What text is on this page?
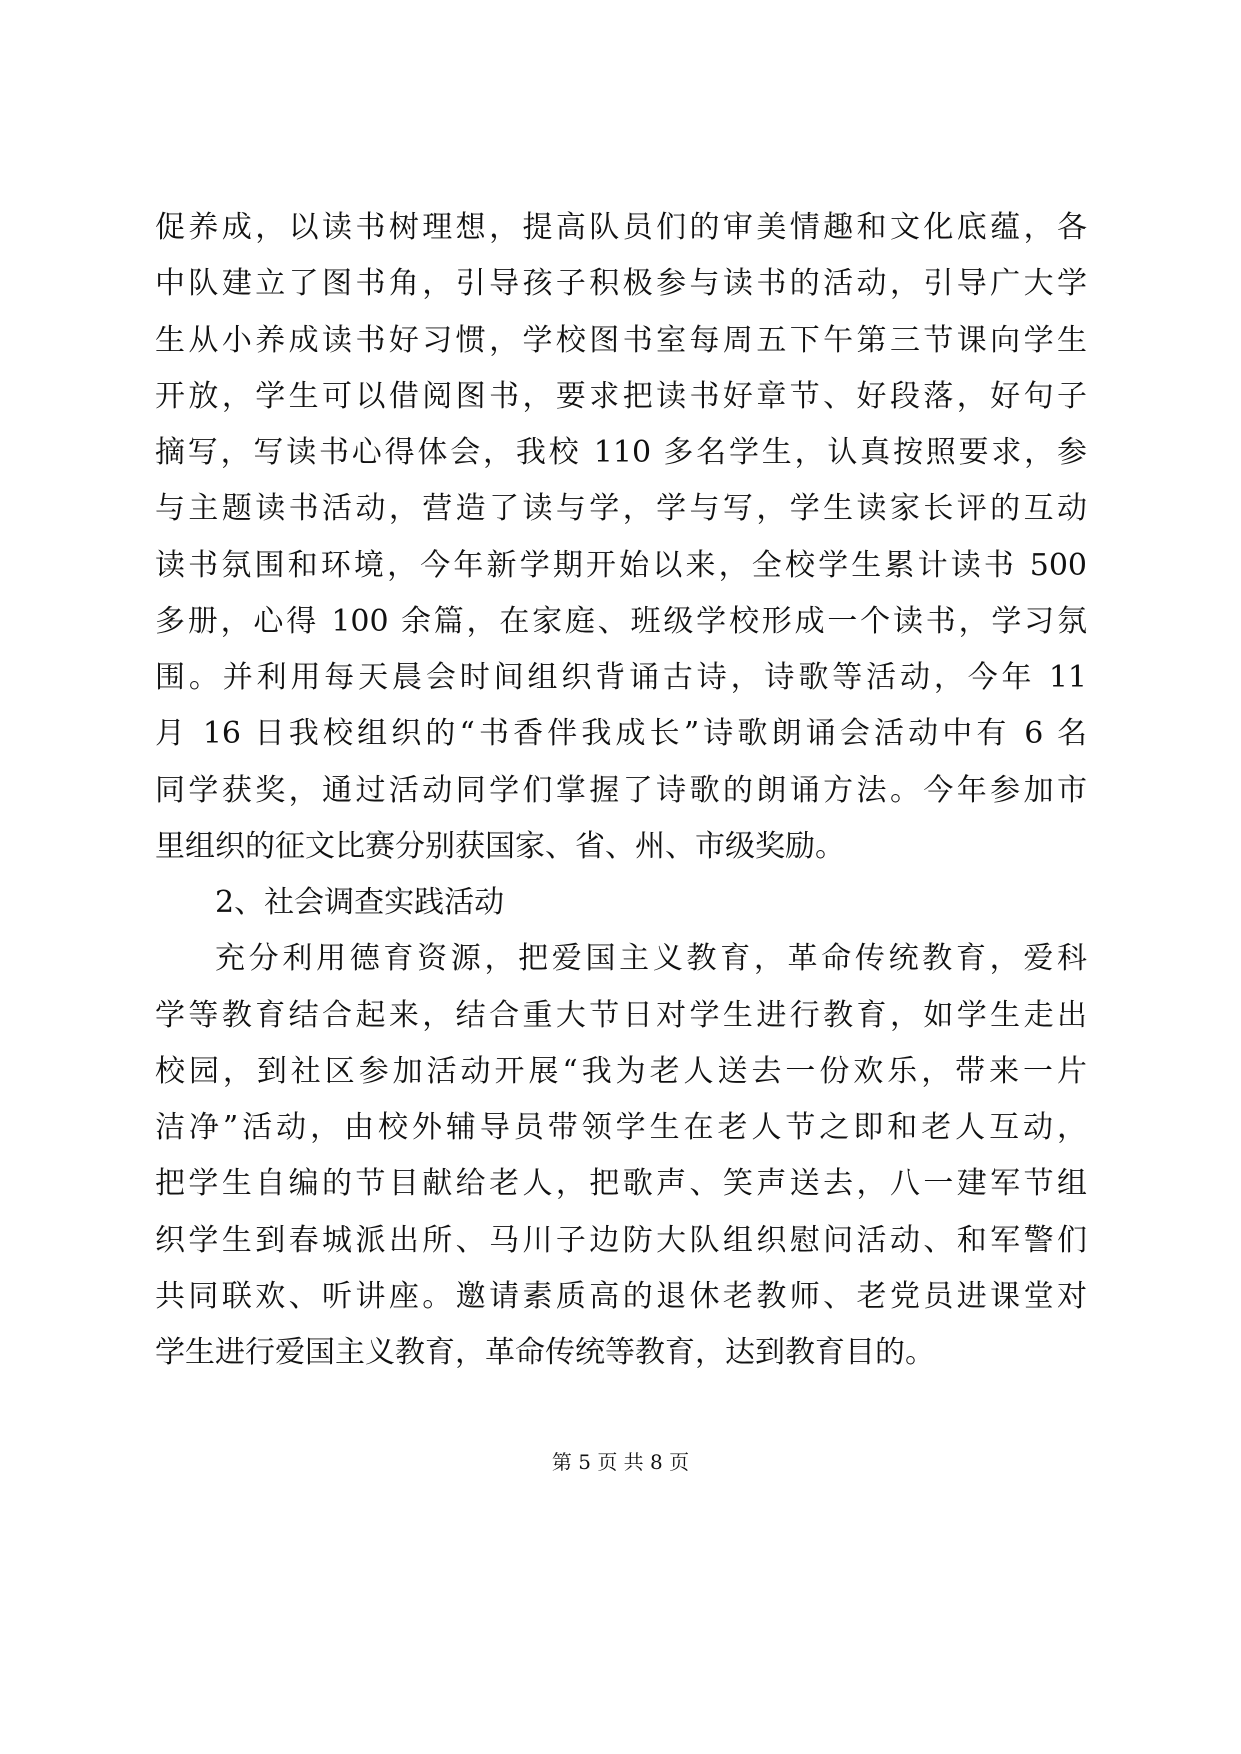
促养成，以读书树理想，提高队员们的审美情趣和文化底蕴，各
中队建立了图书角，引导孩子积极参与读书的活动，引导广大学
生从小养成读书好习惯，学校图书室每周五下午第三节课向学生
开放，学生可以借阅图书，要求把读书好章节、好段落，好句子
摘写，写读书心得体会，我校 110 多名学生，认真按照要求，参
与主题读书活动，营造了读与学，学与写，学生读家长评的互动
读书氛围和环境，今年新学期开始以来，全校学生累计读书 500
多册，心得 100 余篇，在家庭、班级学校形成一个读书，学习氛
围。并利用每天晨会时间组织背诵古诗，诗歌等活动，今年 11
月 16 日我校组织的“书香伴我成长”诗歌朗诵会活动中有 6 名
同学获奖，通过活动同学们掌握了诗歌的朗诵方法。今年参加市
里组织的征文比赛分别获国家、省、州、市级奖励。
2、社会调查实践活动
充分利用德育资源，把爱国主义教育，革命传统教育，爱科
学等教育结合起来，结合重大节日对学生进行教育，如学生走出
校园，到社区参加活动开展“我为老人送去一份欢乐，带来一片
洁净”活动，由校外辅导员带领学生在老人节之即和老人互动，
把学生自编的节目献给老人，把歌声、笑声送去，八一建军节组
织学生到春城派出所、马川子边防大队组织慰问活动、和军警们
共同联欢、听讲座。邀请素质高的退休老教师、老党员进课堂对
学生进行爱国主义教育，革命传统等教育，达到教育目的。
第 5 页 共 8 页
